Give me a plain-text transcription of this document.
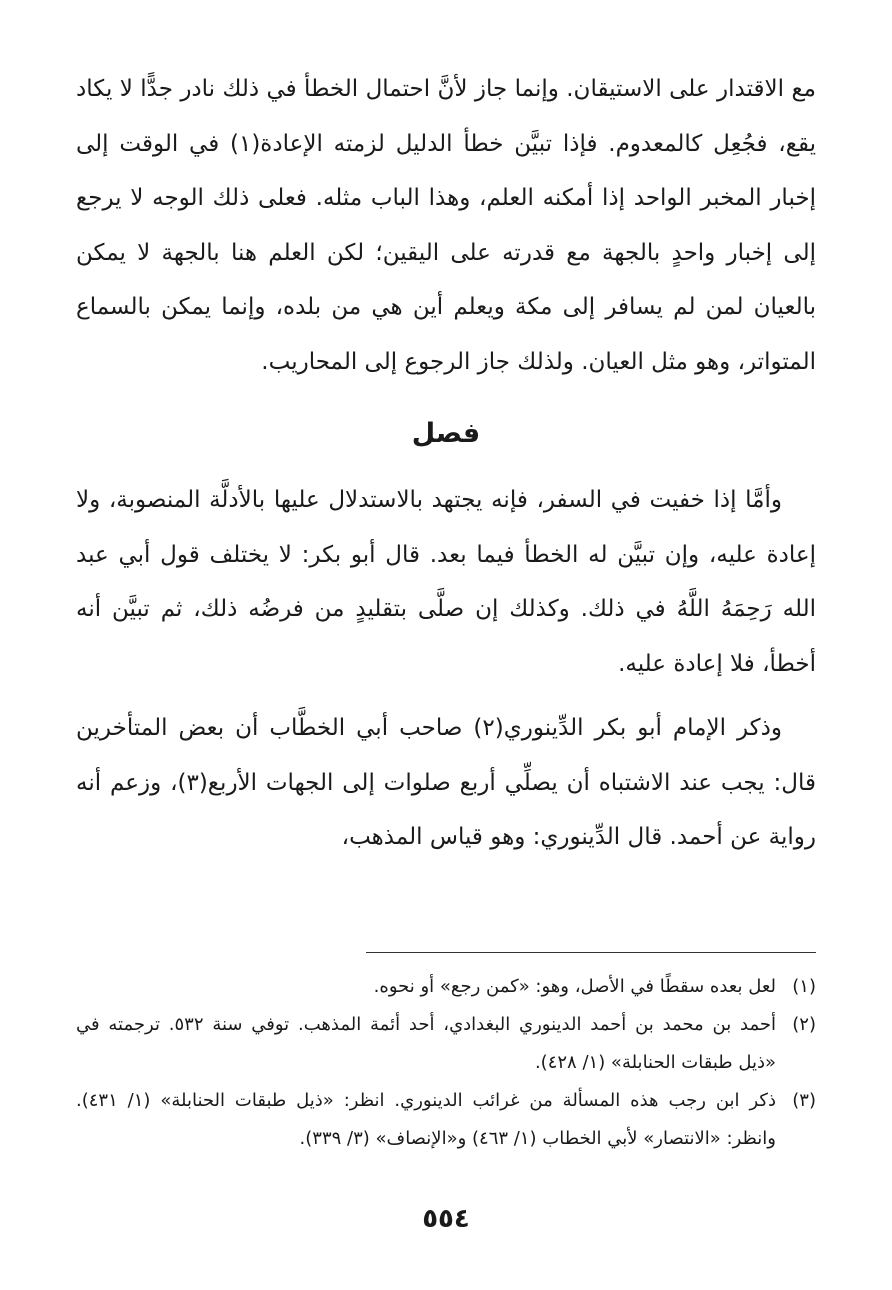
مع الاقتدار على الاستيقان. وإنما جاز لأنَّ احتمال الخطأ في ذلك نادر جدًّا لا يكاد يقع، فجُعِل كالمعدوم. فإذا تبيَّن خطأ الدليل لزمته الإعادة(١) في الوقت إلى إخبار المخبر الواحد إذا أمكنه العلم، وهذا الباب مثله. فعلى ذلك الوجه لا يرجع إلى إخبار واحدٍ بالجهة مع قدرته على اليقين؛ لكن العلم هنا بالجهة لا يمكن بالعيان لمن لم يسافر إلى مكة ويعلم أين هي من بلده، وإنما يمكن بالسماع المتواتر، وهو مثل العيان. ولذلك جاز الرجوع إلى المحاريب.

فصل

وأمَّا إذا خفيت في السفر، فإنه يجتهد بالاستدلال عليها بالأدلَّة المنصوبة، ولا إعادة عليه، وإن تبيَّن له الخطأ فيما بعد. قال أبو بكر: لا يختلف قول أبي عبد الله رَحِمَهُ اللَّهُ في ذلك. وكذلك إن صلَّى بتقليدٍ من فرضُه ذلك، ثم تبيَّن أنه أخطأ، فلا إعادة عليه.

وذكر الإمام أبو بكر الدِّينوري(٢) صاحب أبي الخطَّاب أن بعض المتأخرين قال: يجب عند الاشتباه أن يصلِّي أربع صلوات إلى الجهات الأربع(٣)، وزعم أنه رواية عن أحمد. قال الدِّينوري: وهو قياس المذهب،

(١)
لعل بعده سقطًا في الأصل، وهو: «كمن رجع» أو نحوه.
(٢)
أحمد بن محمد بن أحمد الدينوري البغدادي، أحد أئمة المذهب. توفي سنة ٥٣٢. ترجمته في «ذيل طبقات الحنابلة» (١/ ٤٢٨).
(٣)
ذكر ابن رجب هذه المسألة من غرائب الدينوري. انظر: «ذيل طبقات الحنابلة» (١/ ٤٣١). وانظر: «الانتصار» لأبي الخطاب (١/ ٤٦٣) و«الإنصاف» (٣/ ٣٣٩).
٥٥٤
